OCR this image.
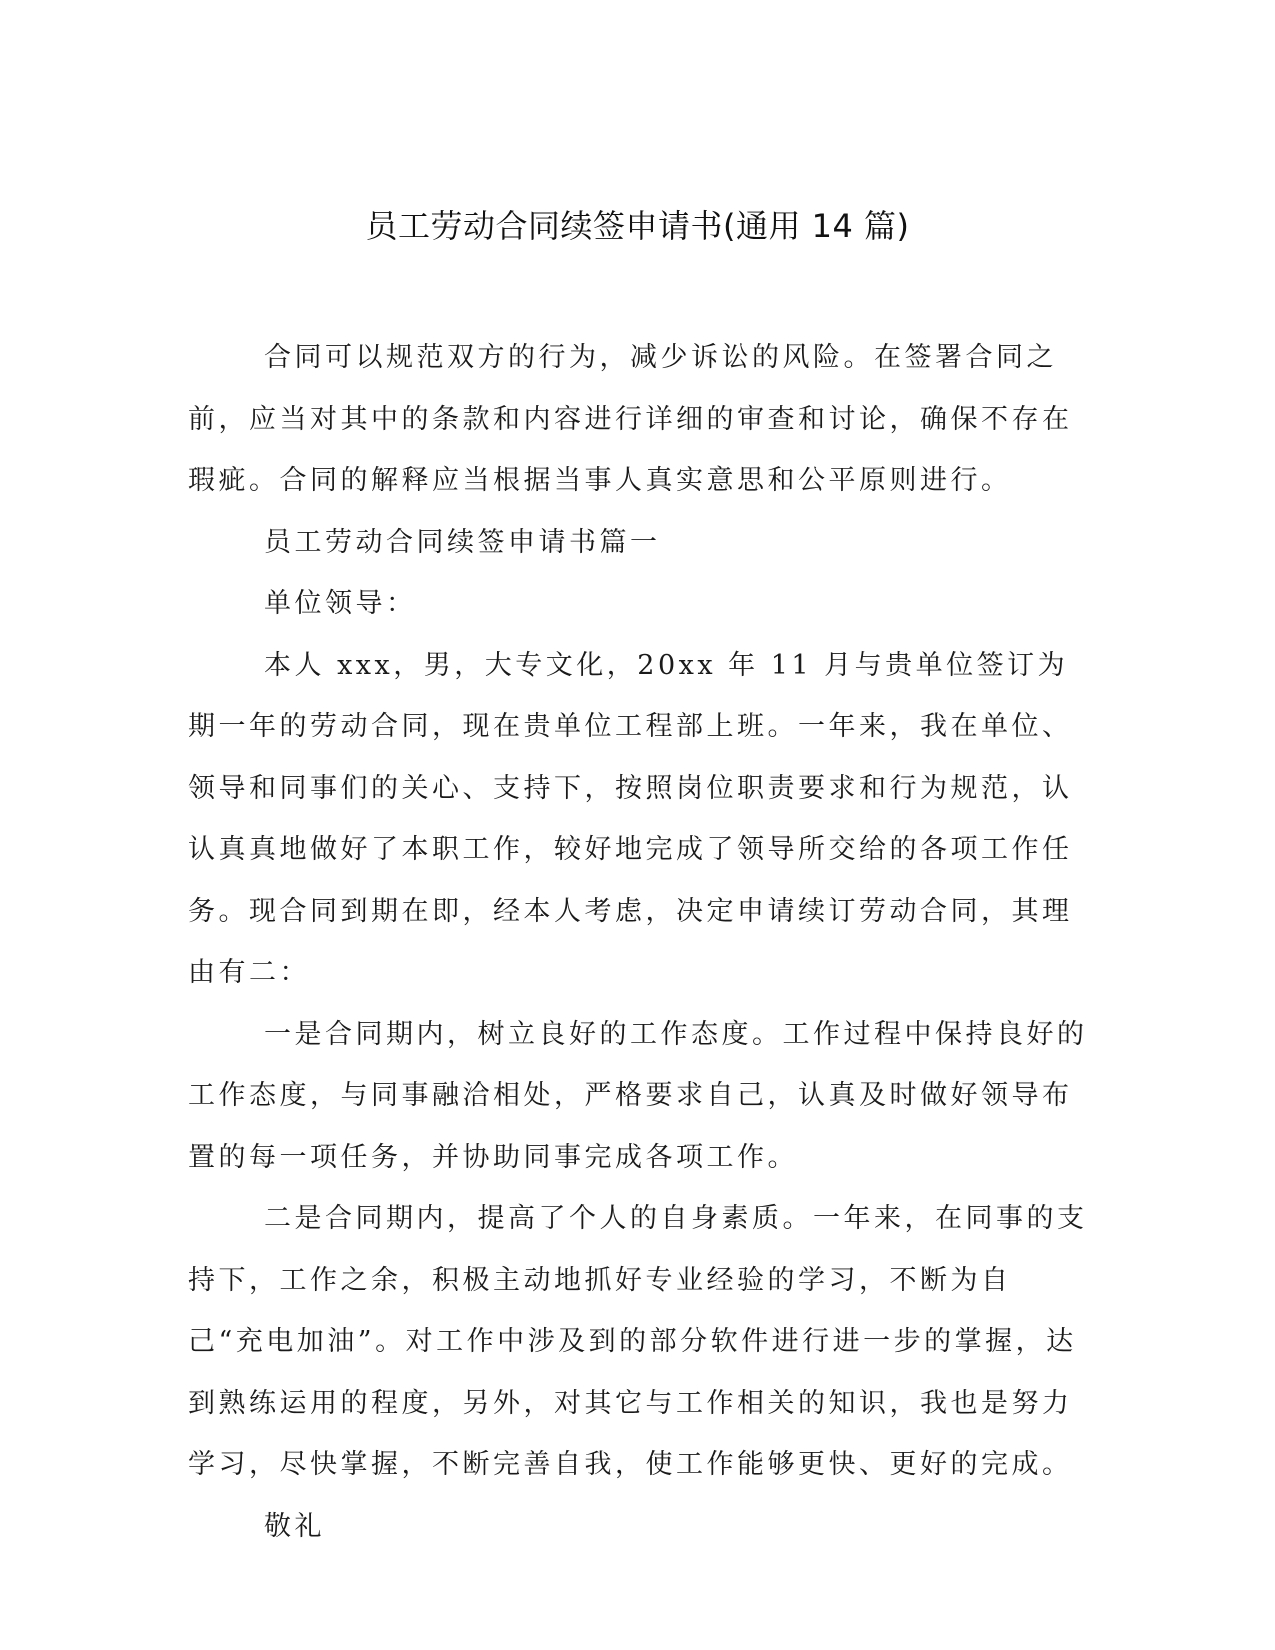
员工劳动合同续签申请书(通用 14 篇)

合同可以规范双方的行为，减少诉讼的风险。在签署合同之前，应当对其中的条款和内容进行详细的审查和讨论，确保不存在瑕疵。合同的解释应当根据当事人真实意思和公平原则进行。

员工劳动合同续签申请书篇一

单位领导：

本人 xxx，男，大专文化，20xx 年 11 月与贵单位签订为期一年的劳动合同，现在贵单位工程部上班。一年来，我在单位、领导和同事们的关心、支持下，按照岗位职责要求和行为规范，认认真真地做好了本职工作，较好地完成了领导所交给的各项工作任务。现合同到期在即，经本人考虑，决定申请续订劳动合同，其理由有二：

一是合同期内，树立良好的工作态度。工作过程中保持良好的工作态度，与同事融洽相处，严格要求自己，认真及时做好领导布置的每一项任务，并协助同事完成各项工作。

二是合同期内，提高了个人的自身素质。一年来，在同事的支持下，工作之余，积极主动地抓好专业经验的学习，不断为自己“充电加油”。对工作中涉及到的部分软件进行进一步的掌握，达到熟练运用的程度，另外，对其它与工作相关的知识，我也是努力学习，尽快掌握，不断完善自我，使工作能够更快、更好的完成。

敬礼
